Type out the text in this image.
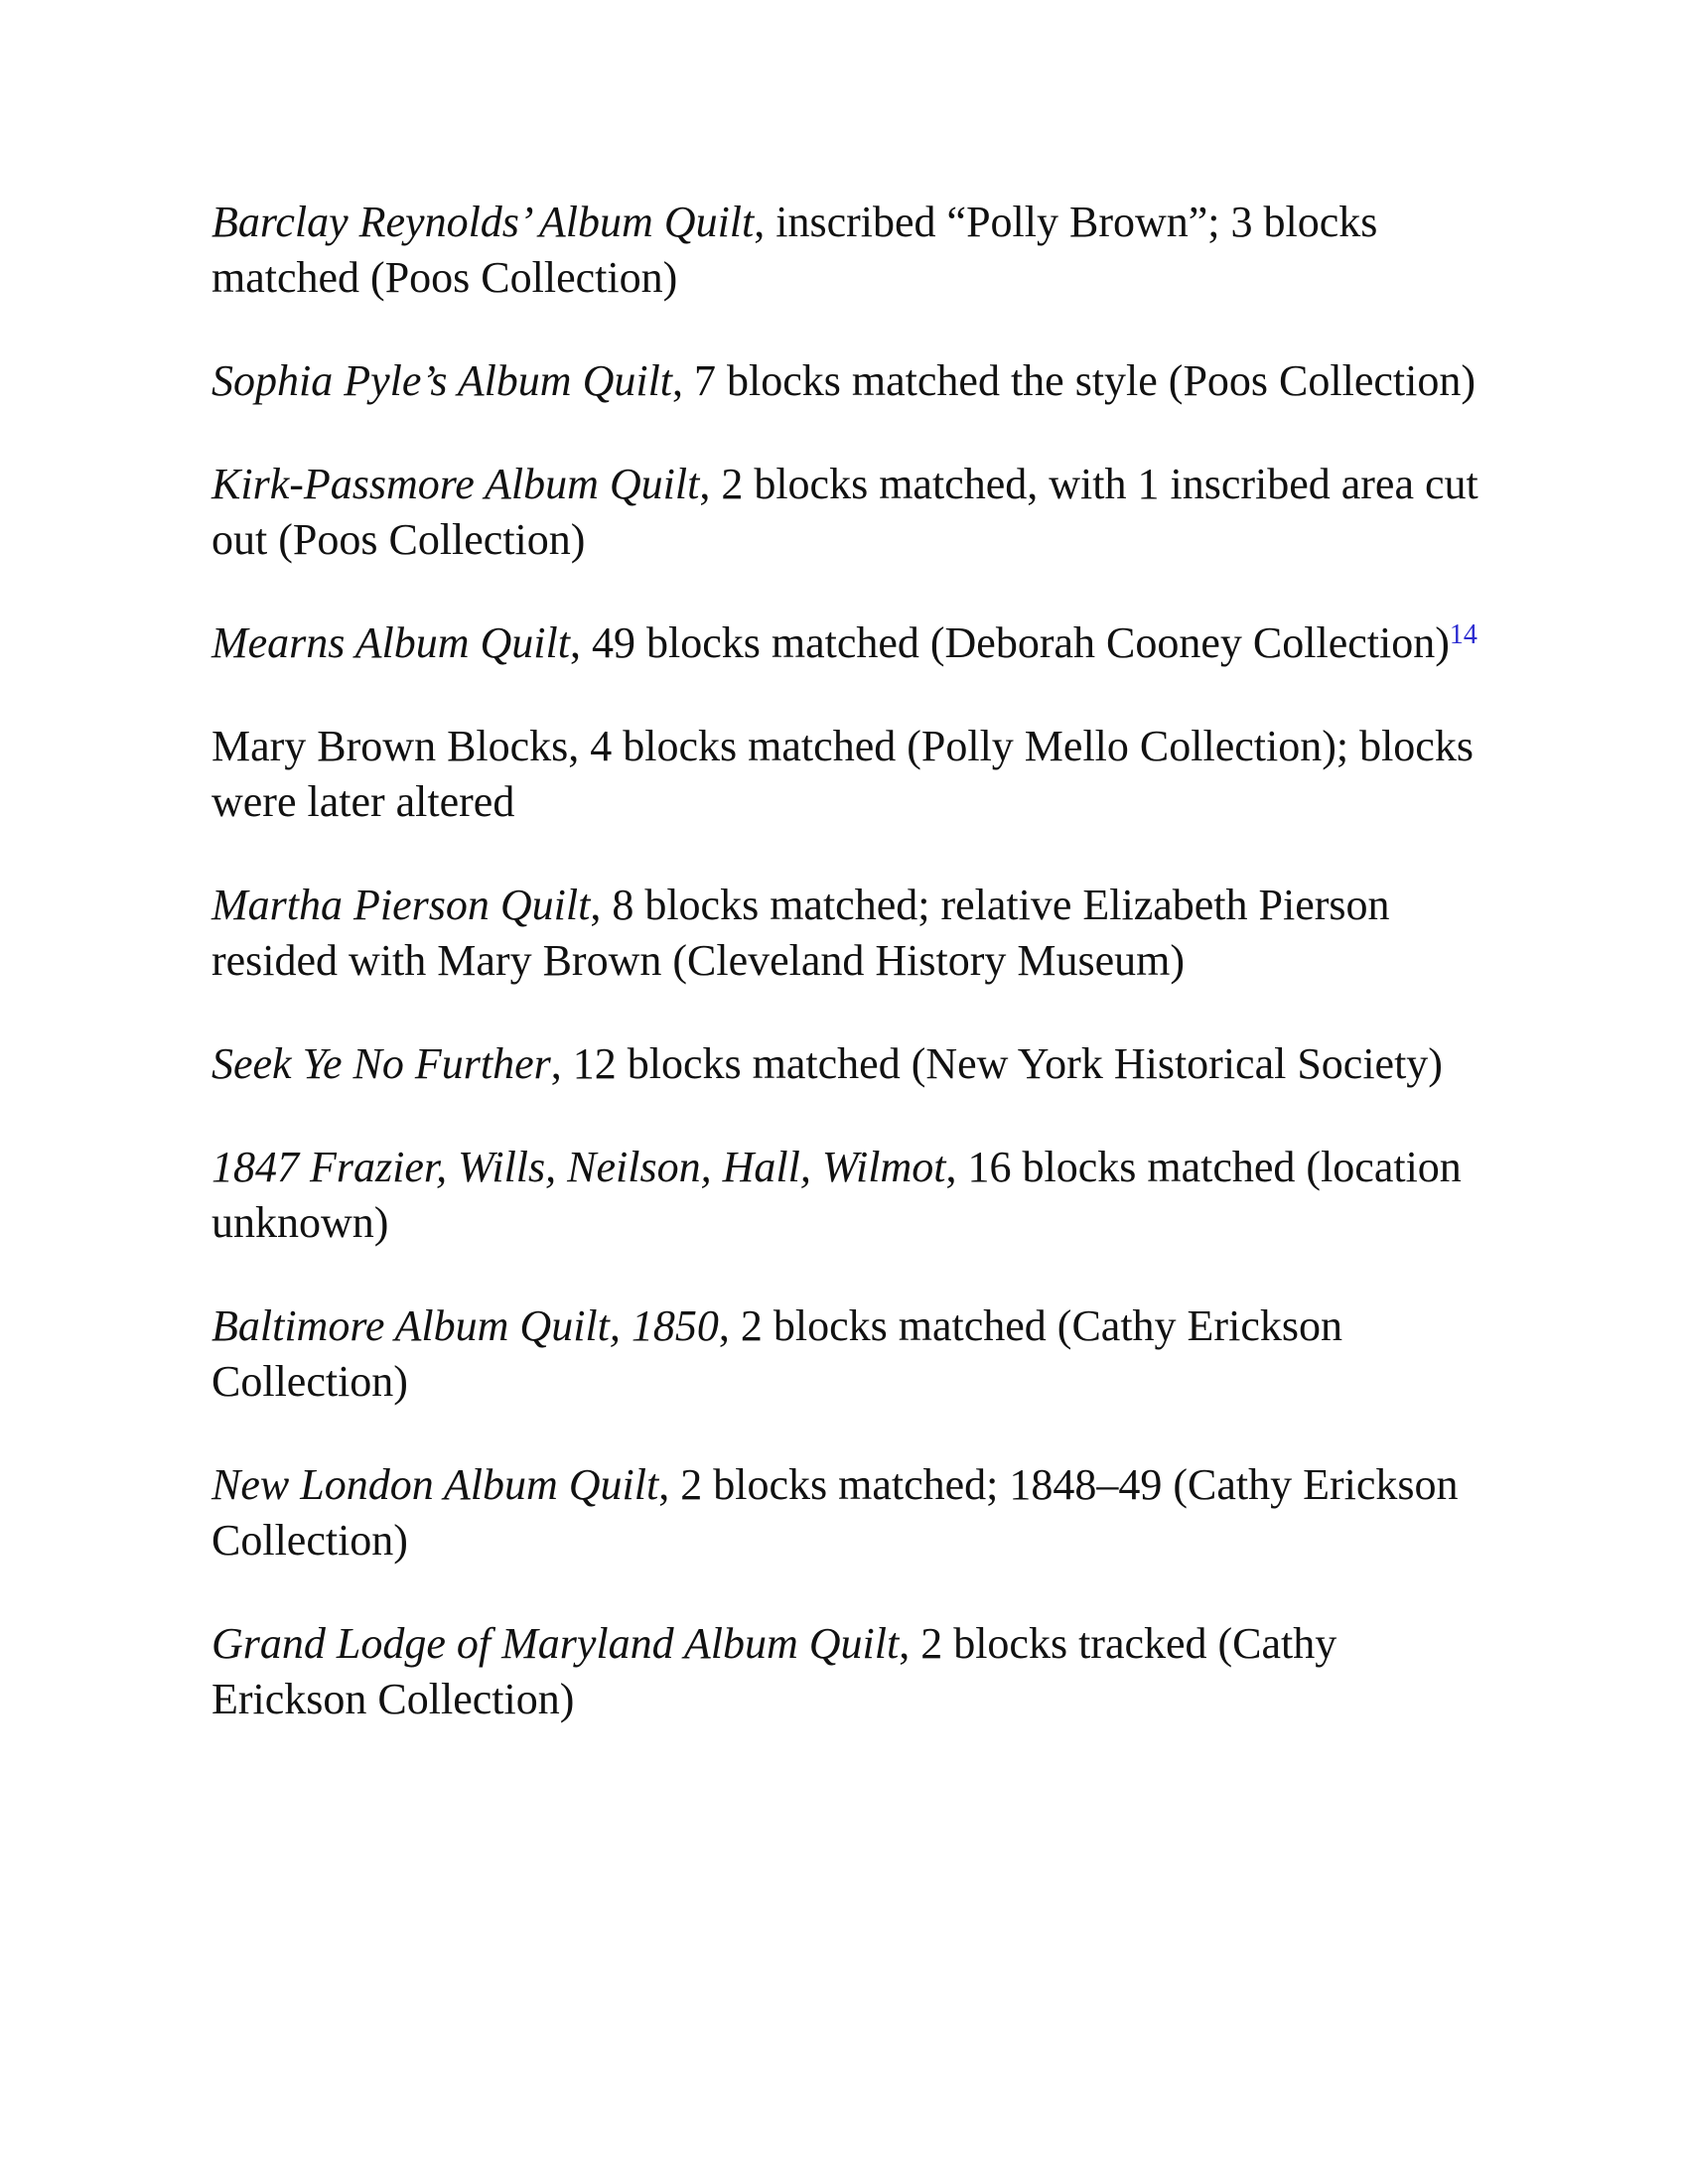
Barclay Reynolds’ Album Quilt, inscribed “Polly Brown”; 3 blocks matched (Poos Collection)

Sophia Pyle’s Album Quilt, 7 blocks matched the style (Poos Collection)

Kirk-Passmore Album Quilt, 2 blocks matched, with 1 inscribed area cut out (Poos Collection)

Mearns Album Quilt, 49 blocks matched (Deborah Cooney Collection)$^{14}$

Mary Brown Blocks, 4 blocks matched (Polly Mello Collection); blocks were later altered

Martha Pierson Quilt, 8 blocks matched; relative Elizabeth Pierson resided with Mary Brown (Cleveland History Museum)

Seek Ye No Further, 12 blocks matched (New York Historical Society)

1847 Frazier, Wills, Neilson, Hall, Wilmot, 16 blocks matched (location unknown)

Baltimore Album Quilt, 1850, 2 blocks matched (Cathy Erickson Collection)

New London Album Quilt, 2 blocks matched; 1848–49 (Cathy Erickson Collection)

Grand Lodge of Maryland Album Quilt, 2 blocks tracked (Cathy Erickson Collection)
